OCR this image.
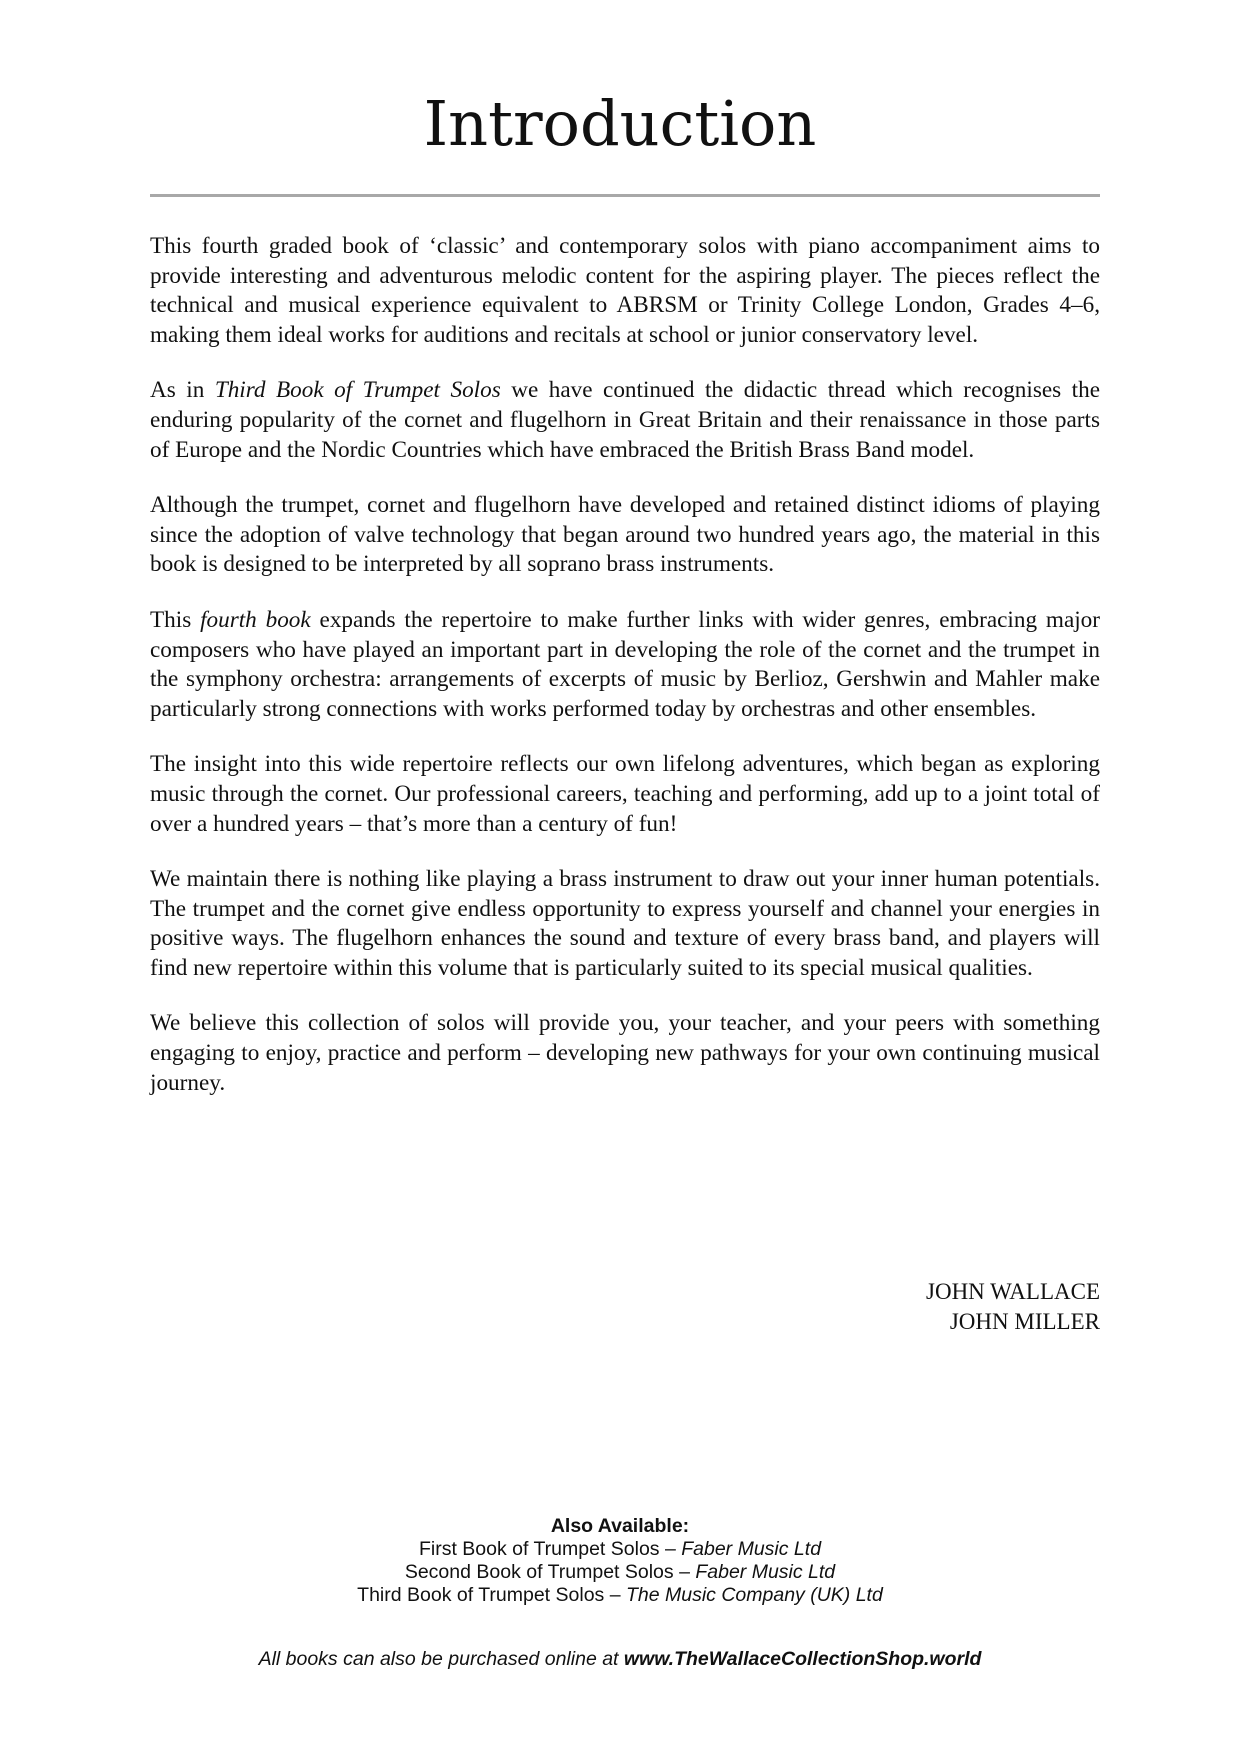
Introduction

This fourth graded book of ‘classic’ and contemporary solos with piano accompaniment aims to provide interesting and adventurous melodic content for the aspiring player. The pieces reflect the technical and musical experience equivalent to ABRSM or Trinity College London, Grades 4–6, making them ideal works for auditions and recitals at school or junior conservatory level.

As in Third Book of Trumpet Solos we have continued the didactic thread which recognises the enduring popularity of the cornet and flugelhorn in Great Britain and their renaissance in those parts of Europe and the Nordic Countries which have embraced the British Brass Band model.

Although the trumpet, cornet and flugelhorn have developed and retained distinct idioms of playing since the adoption of valve technology that began around two hundred years ago, the material in this book is designed to be interpreted by all soprano brass instruments.

This fourth book expands the repertoire to make further links with wider genres, embracing major composers who have played an important part in developing the role of the cornet and the trumpet in the symphony orchestra: arrangements of excerpts of music by Berlioz, Gershwin and Mahler make particularly strong connections with works performed today by orchestras and other ensembles.

The insight into this wide repertoire reflects our own lifelong adventures, which began as exploring music through the cornet. Our professional careers, teaching and performing, add up to a joint total of over a hundred years – that’s more than a century of fun!

We maintain there is nothing like playing a brass instrument to draw out your inner human potentials. The trumpet and the cornet give endless opportunity to express yourself and channel your energies in positive ways. The flugelhorn enhances the sound and texture of every brass band, and players will find new repertoire within this volume that is particularly suited to its special musical qualities.

We believe this collection of solos will provide you, your teacher, and your peers with something engaging to enjoy, practice and perform – developing new pathways for your own continuing musical journey.

JOHN WALLACE
JOHN MILLER
Also Available:
First Book of Trumpet Solos – Faber Music Ltd
Second Book of Trumpet Solos – Faber Music Ltd
Third Book of Trumpet Solos – The Music Company (UK) Ltd
All books can also be purchased online at www.TheWallaceCollectionShop.world
